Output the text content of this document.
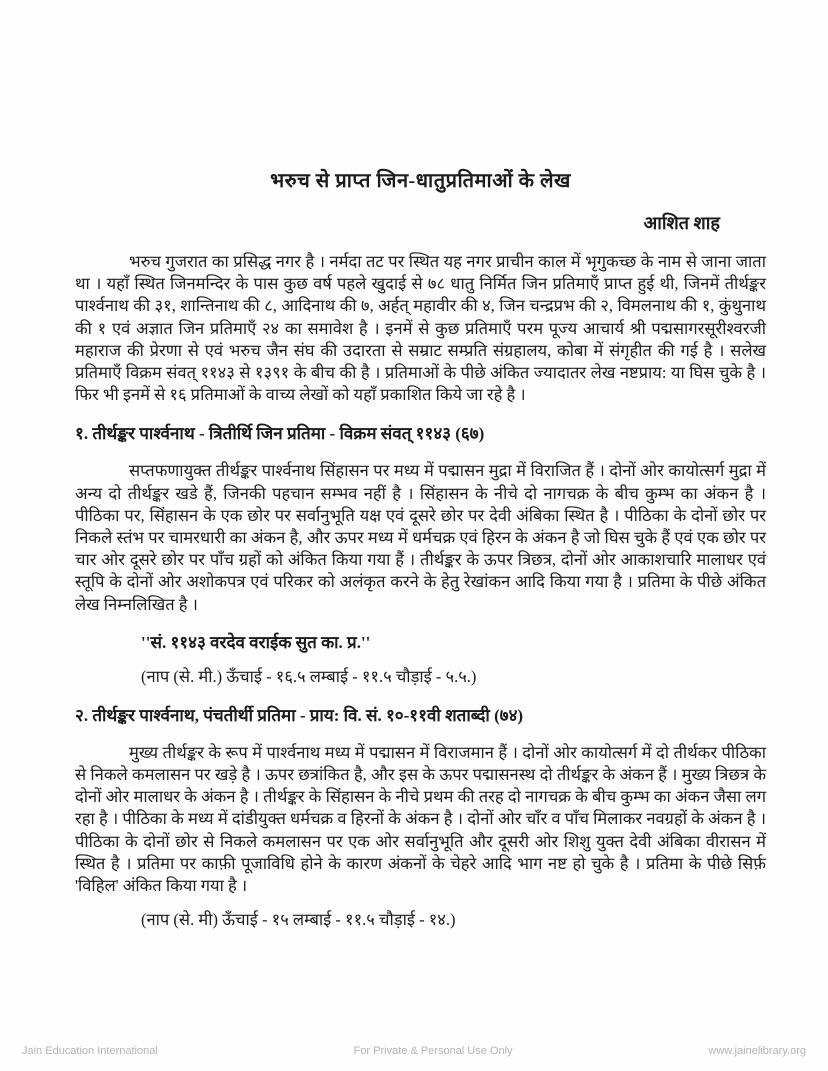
भरुच से प्राप्त जिन-धातुप्रतिमाओं के लेख
आशित शाह
भरुच गुजरात का प्रसिद्ध नगर है । नर्मदा तट पर स्थित यह नगर प्राचीन काल में भृगुकच्छ के नाम से जाना जाता था । यहाँ स्थित जिनमन्दिर के पास कुछ वर्ष पहले खुदाई से ७८ धातु निर्मित जिन प्रतिमाएँ प्राप्त हुई थी, जिनमें तीर्थङ्कर पार्श्वनाथ की ३१, शान्तिनाथ की ८, आदिनाथ की ७, अर्हत् महावीर की ४, जिन चन्द्रप्रभ की २, विमलनाथ की १, कुंथुनाथ की १ एवं अज्ञात जिन प्रतिमाएँ २४ का समावेश है । इनमें से कुछ प्रतिमाएँ परम पूज्य आचार्य श्री पद्मसागरसूरीश्वरजी महाराज की प्रेरणा से एवं भरुच जैन संघ की उदारता से सम्राट सम्प्रति संग्रहालय, कोबा में संगृहीत की गई है । सलेख प्रतिमाएँ विक्रम संवत् ११४३ से १३९१ के बीच की है । प्रतिमाओं के पीछे अंकित ज्यादातर लेख नष्टप्राय: या घिस चुके है । फिर भी इनमें से १६ प्रतिमाओं के वाच्य लेखों को यहाँ प्रकाशित किये जा रहे है ।
१. तीर्थङ्कर पार्श्वनाथ - त्रितीर्थि जिन प्रतिमा - विक्रम संवत् ११४३ (६७)
सप्तफणायुक्त तीर्थङ्कर पार्श्वनाथ सिंहासन पर मध्य में पद्मासन मुद्रा में विराजित हैं । दोनों ओर कायोत्सर्ग मुद्रा में अन्य दो तीर्थङ्कर खडे हैं, जिनकी पहचान सम्भव नहीं है । सिंहासन के नीचे दो नागचक्र के बीच कुम्भ का अंकन है । पीठिका पर, सिंहासन के एक छोर पर सर्वानुभूति यक्ष एवं दूसरे छोर पर देवी अंबिका स्थित है । पीठिका के दोनों छोर पर निकले स्तंभ पर चामरधारी का अंकन है, और ऊपर मध्य में धर्मचक्र एवं हिरन के अंकन है जो घिस चुके हैं एवं एक छोर पर चार ओर दूसरे छोर पर पाँच ग्रहों को अंकित किया गया हैं । तीर्थङ्कर के ऊपर त्रिछत्र, दोनों ओर आकाशचारि मालाधर एवं स्तूपि के दोनों ओर अशोकपत्र एवं परिकर को अलंकृत करने के हेतु रेखांकन आदि किया गया है । प्रतिमा के पीछे अंकित लेख निम्नलिखित है ।
''सं. ११४३ वरदेव वराईक सुत का. प्र.''
(नाप (से. मी.) ऊँचाई - १६.५ लम्बाई - ११.५ चौड़ाई - ५.५.)
२. तीर्थङ्कर पार्श्वनाथ, पंचतीर्थी प्रतिमा - प्राय: वि. सं. १०-११वी शताब्दी (७४)
मुख्य तीर्थङ्कर के रूप में पार्श्वनाथ मध्य में पद्मासन में विराजमान हैं । दोनों ओर कायोत्सर्ग में दो तीर्थकर पीठिका से निकले कमलासन पर खड़े है । ऊपर छत्रांकित है, और इस के ऊपर पद्मासनस्थ दो तीर्थङ्कर के अंकन हैं । मुख्य त्रिछत्र के दोनों ओर मालाधर के अंकन है । तीर्थङ्कर के सिंहासन के नीचे प्रथम की तरह दो नागचक्र के बीच कुम्भ का अंकन जैसा लग रहा है । पीठिका के मध्य में दांडीयुक्त धर्मचक्र व हिरनों के अंकन है । दोनों ओर चाँर व पाँच मिलाकर नवग्रहों के अंकन है । पीठिका के दोनों छोर से निकले कमलासन पर एक ओर सर्वानुभूति और दूसरी ओर शिशु युक्त देवी अंबिका वीरासन में स्थित है । प्रतिमा पर काफ़ी पूजाविधि होने के कारण अंकनों के चेहरे आदि भाग नष्ट हो चुके है । प्रतिमा के पीछे सिर्फ़ 'विहिल' अंकित किया गया है ।
(नाप (से. मी) ऊँचाई - १५ लम्बाई - ११.५ चौड़ाई - १४.)
Jain Education International	For Private & Personal Use Only	www.jainelibrary.org
